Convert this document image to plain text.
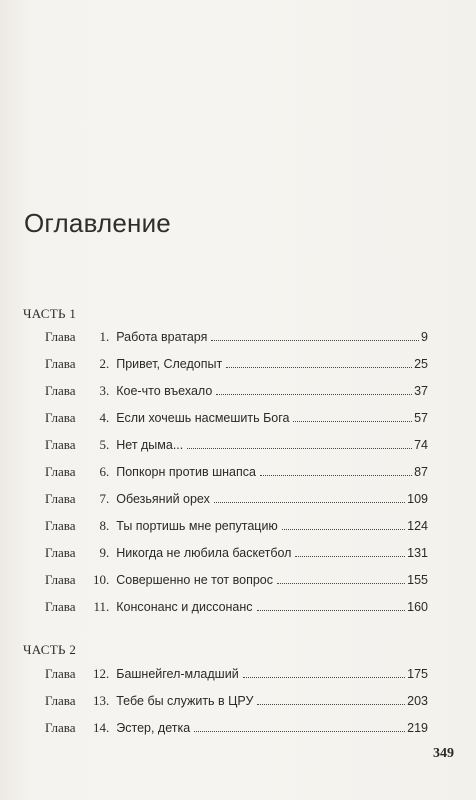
Оглавление
ЧАСТЬ 1
Глава	1 . Работа вратаря	9
Глава	2 . Привет, Следопыт	25
Глава	3 . Кое-что въехало	37
Глава	4 . Если хочешь насмешить Бога	57
Глава	5 . Нет дыма...	74
Глава	6 . Попкорн против шнапса	87
Глава	7 . Обезьяний орех	109
Глава	8 . Ты портишь мне репутацию	124
Глава	9 . Никогда не любила баскетбол	131
Глава	10 . Совершенно не тот вопрос	155
Глава	11 . Консонанс и диссонанс	160
ЧАСТЬ 2
Глава	12 . Башнейгел-младший	175
Глава	13 . Тебе бы служить в ЦРУ	203
Глава	14 . Эстер, детка	219
349
